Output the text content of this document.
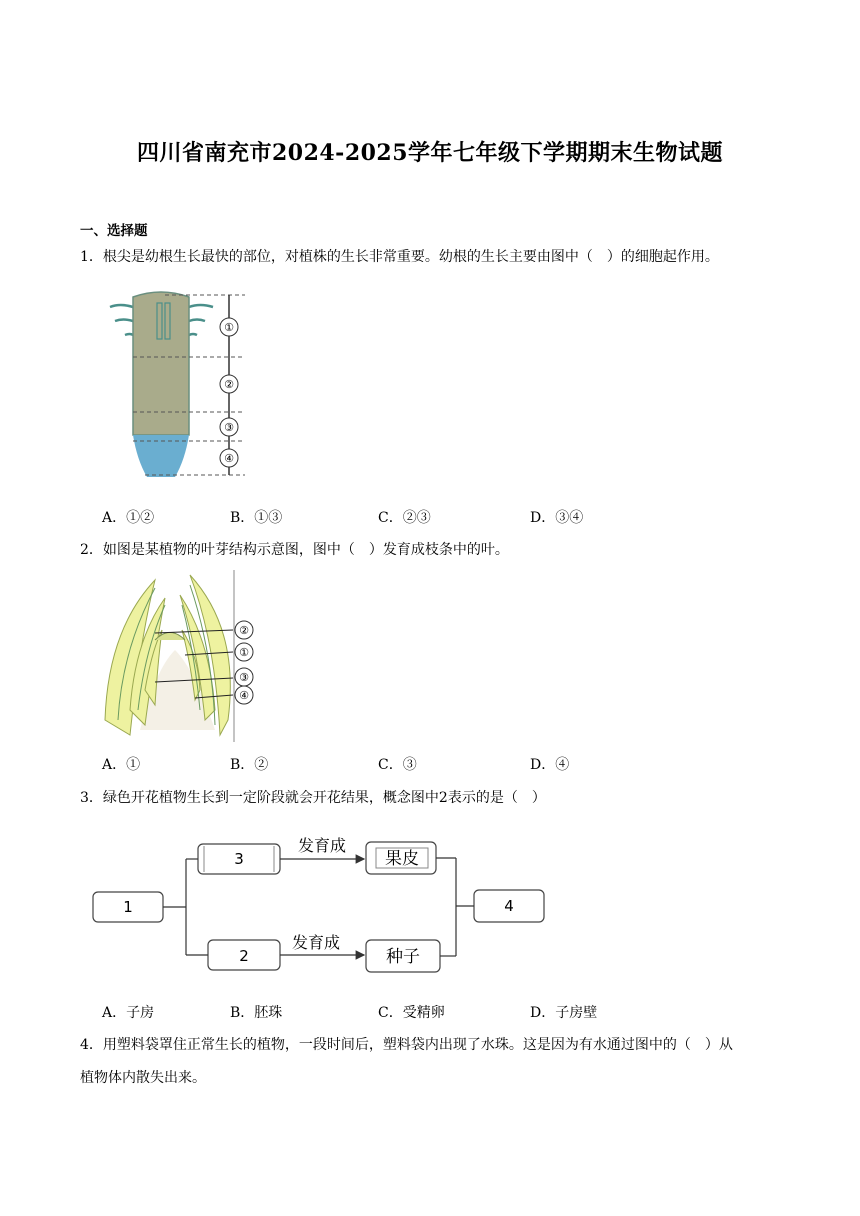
四川省南充市2024-2025学年七年级下学期期末生物试题
一、选择题
1．根尖是幼根生长最快的部位，对植株的生长非常重要。幼根的生长主要由图中（　）的细胞起作用。
①
②
③
④
A．①②	B．①③	C．②③	D．③④
2．如图是某植物的叶芽结构示意图，图中（　）发育成枝条中的叶。
②
①
③
④
A．①	B．②	C．③	D．④
3．绿色开花植物生长到一定阶段就会开花结果，概念图中2表示的是（　）
1
3
2
4
果皮
种子
发育成
发育成
A．子房	B．胚珠	C．受精卵	D．子房壁
4．用塑料袋罩住正常生长的植物，一段时间后，塑料袋内出现了水珠。这是因为有水通过图中的（　）从
植物体内散失出来。
